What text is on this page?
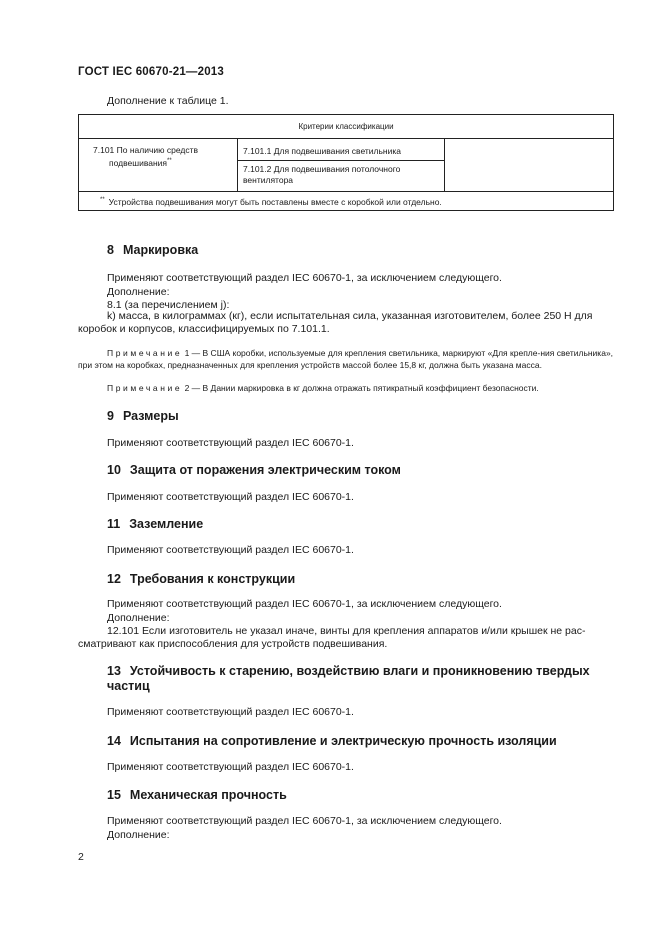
ГОСТ IEC 60670-21—2013
Дополнение к таблице 1.
Критерии классификации
7.101 По наличию средств
подвешивания**
7.101.1 Для подвешивания светильника
7.101.2 Для подвешивания потолочного
вентилятора
** Устройства подвешивания могут быть поставлены вместе с коробкой или отдельно.
8 Маркировка
Применяют соответствующий раздел IEC 60670-1, за исключением следующего.
Дополнение:
8.1 (за перечислением j):
k) масса, в килограммах (кг), если испытательная сила, указанная изготовителем, более 250 Н для
коробок и корпусов, классифицируемых по 7.101.1.
Примечание 1 — В США коробки, используемые для крепления светильника, маркируют «Для крепле-ния светильника», при этом на коробках, предназначенных для крепления устройств массой более 15,8 кг, должна быть указана масса.
Примечание 2 — В Дании маркировка в кг должна отражать пятикратный коэффициент безопасности.
9 Размеры
Применяют соответствующий раздел IEC 60670-1.
10 Защита от поражения электрическим током
Применяют соответствующий раздел IEC 60670-1.
11 Заземление
Применяют соответствующий раздел IEC 60670-1.
12 Требования к конструкции
Применяют соответствующий раздел IEC 60670-1, за исключением следующего.
Дополнение:
12.101 Если изготовитель не указал иначе, винты для крепления аппаратов и/или крышек не рас-
сматривают как приспособления для устройств подвешивания.
13 Устойчивость к старению, воздействию влаги и проникновению твердых
частиц
Применяют соответствующий раздел IEC 60670-1.
14 Испытания на сопротивление и электрическую прочность изоляции
Применяют соответствующий раздел IEC 60670-1.
15 Механическая прочность
Применяют соответствующий раздел IEC 60670-1, за исключением следующего.
Дополнение:
2
